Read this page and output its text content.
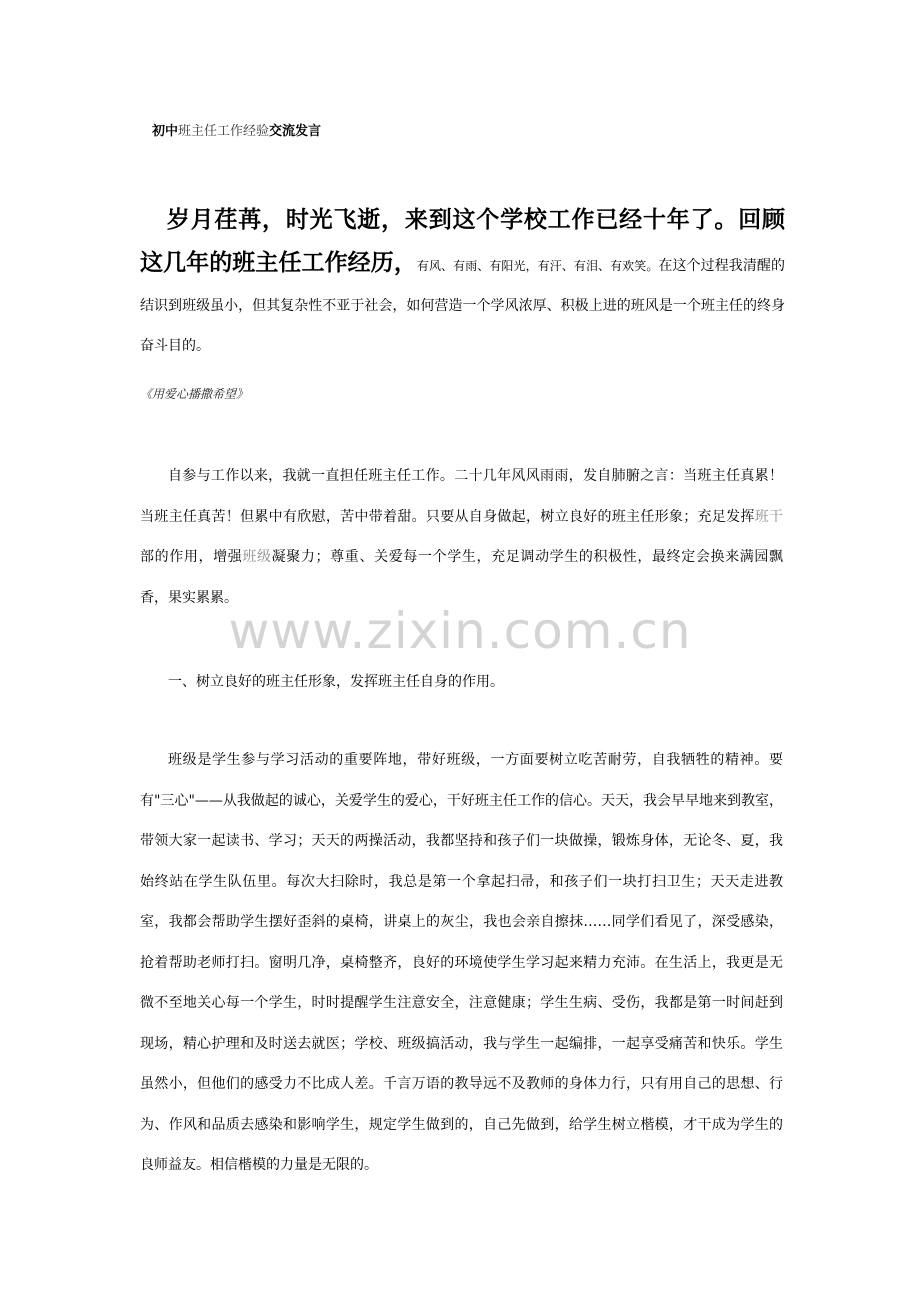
初中班主任工作经验交流发言
岁月荏苒，时光飞逝，来到这个学校工作已经十年了。回顾这几年的班主任工作经历，有风、有雨、有阳光，有汗、有泪、有欢笑。在这个过程我清醒的结识到班级虽小，但其复杂性不亚于社会，如何营造一个学风浓厚、积极上进的班风是一个班主任的终身奋斗目的。
《用爱心播撒希望》
自参与工作以来，我就一直担任班主任工作。二十几年风风雨雨，发自肺腑之言：当班主任真累！当班主任真苦！但累中有欣慰，苦中带着甜。只要从自身做起，树立良好的班主任形象；充足发挥班干部的作用，增强班级凝聚力；尊重、关爱每一个学生，充足调动学生的积极性，最终定会换来满园飘香，果实累累。
www.zixin.com.cn
一、树立良好的班主任形象，发挥班主任自身的作用。
班级是学生参与学习活动的重要阵地，带好班级，一方面要树立吃苦耐劳，自我牺牲的精神。要有"三心"——从我做起的诚心，关爱学生的爱心，干好班主任工作的信心。天天，我会早早地来到教室，带领大家一起读书、学习；天天的两操活动，我都坚持和孩子们一块做操，锻炼身体，无论冬、夏，我始终站在学生队伍里。每次大扫除时，我总是第一个拿起扫帚，和孩子们一块打扫卫生；天天走进教室，我都会帮助学生摆好歪斜的桌椅，讲桌上的灰尘，我也会亲自擦抹……同学们看见了，深受感染，抢着帮助老师打扫。窗明几净，桌椅整齐，良好的环境使学生学习起来精力充沛。在生活上，我更是无微不至地关心每一个学生，时时提醒学生注意安全，注意健康；学生生病、受伤，我都是第一时间赶到现场，精心护理和及时送去就医；学校、班级搞活动，我与学生一起编排，一起享受痛苦和快乐。学生虽然小，但他们的感受力不比成人差。千言万语的教导远不及教师的身体力行，只有用自己的思想、行为、作风和品质去感染和影响学生，规定学生做到的，自己先做到，给学生树立楷模，才干成为学生的良师益友。相信楷模的力量是无限的。
